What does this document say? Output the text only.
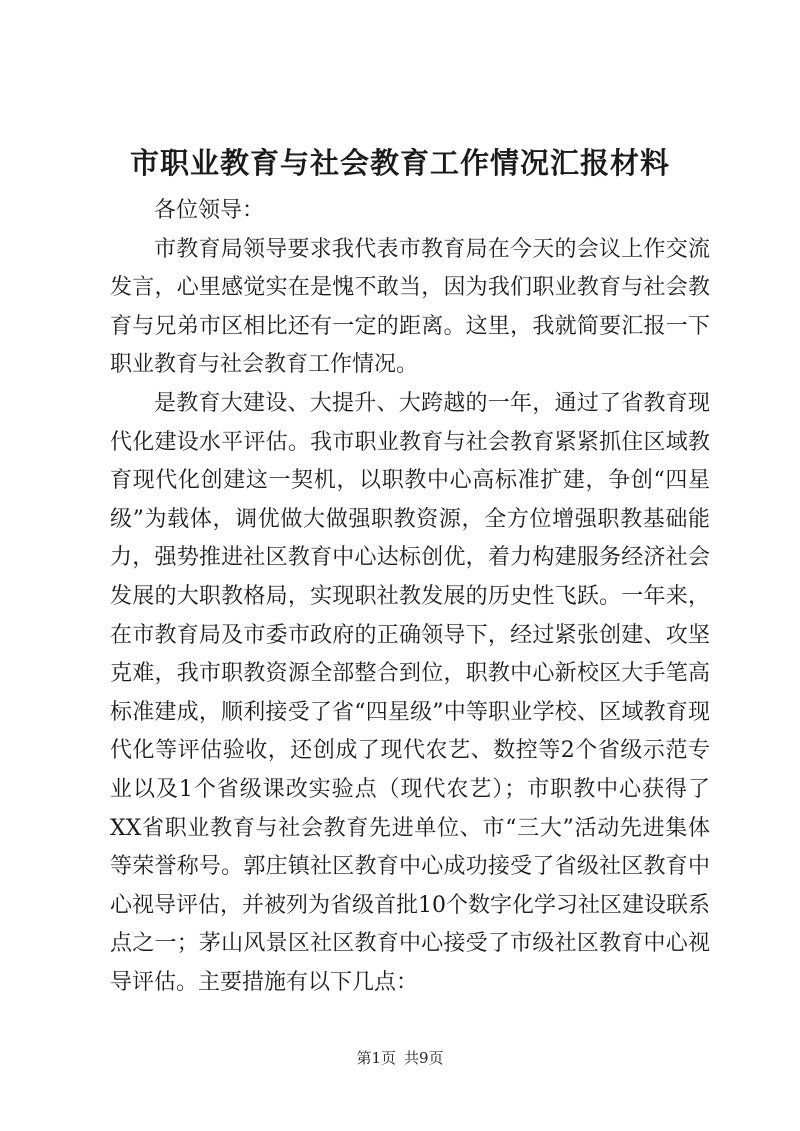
市职业教育与社会教育工作情况汇报材料

各位领导：

市教育局领导要求我代表市教育局在今天的会议上作交流发言，心里感觉实在是愧不敢当，因为我们职业教育与社会教育与兄弟市区相比还有一定的距离。这里，我就简要汇报一下职业教育与社会教育工作情况。

是教育大建设、大提升、大跨越的一年，通过了省教育现代化建设水平评估。我市职业教育与社会教育紧紧抓住区域教育现代化创建这一契机，以职教中心高标准扩建，争创“四星级”为载体，调优做大做强职教资源，全方位增强职教基础能力，强势推进社区教育中心达标创优，着力构建服务经济社会发展的大职教格局，实现职社教发展的历史性飞跃。一年来，在市教育局及市委市政府的正确领导下，经过紧张创建、攻坚克难，我市职教资源全部整合到位，职教中心新校区大手笔高标准建成，顺利接受了省“四星级”中等职业学校、区域教育现代化等评估验收，还创成了现代农艺、数控等2个省级示范专业以及1个省级课改实验点（现代农艺）；市职教中心获得了XX省职业教育与社会教育先进单位、市“三大”活动先进集体等荣誉称号。郭庄镇社区教育中心成功接受了省级社区教育中心视导评估，并被列为省级首批10个数字化学习社区建设联系点之一；茅山风景区社区教育中心接受了市级社区教育中心视导评估。主要措施有以下几点：

第1页 共9页
